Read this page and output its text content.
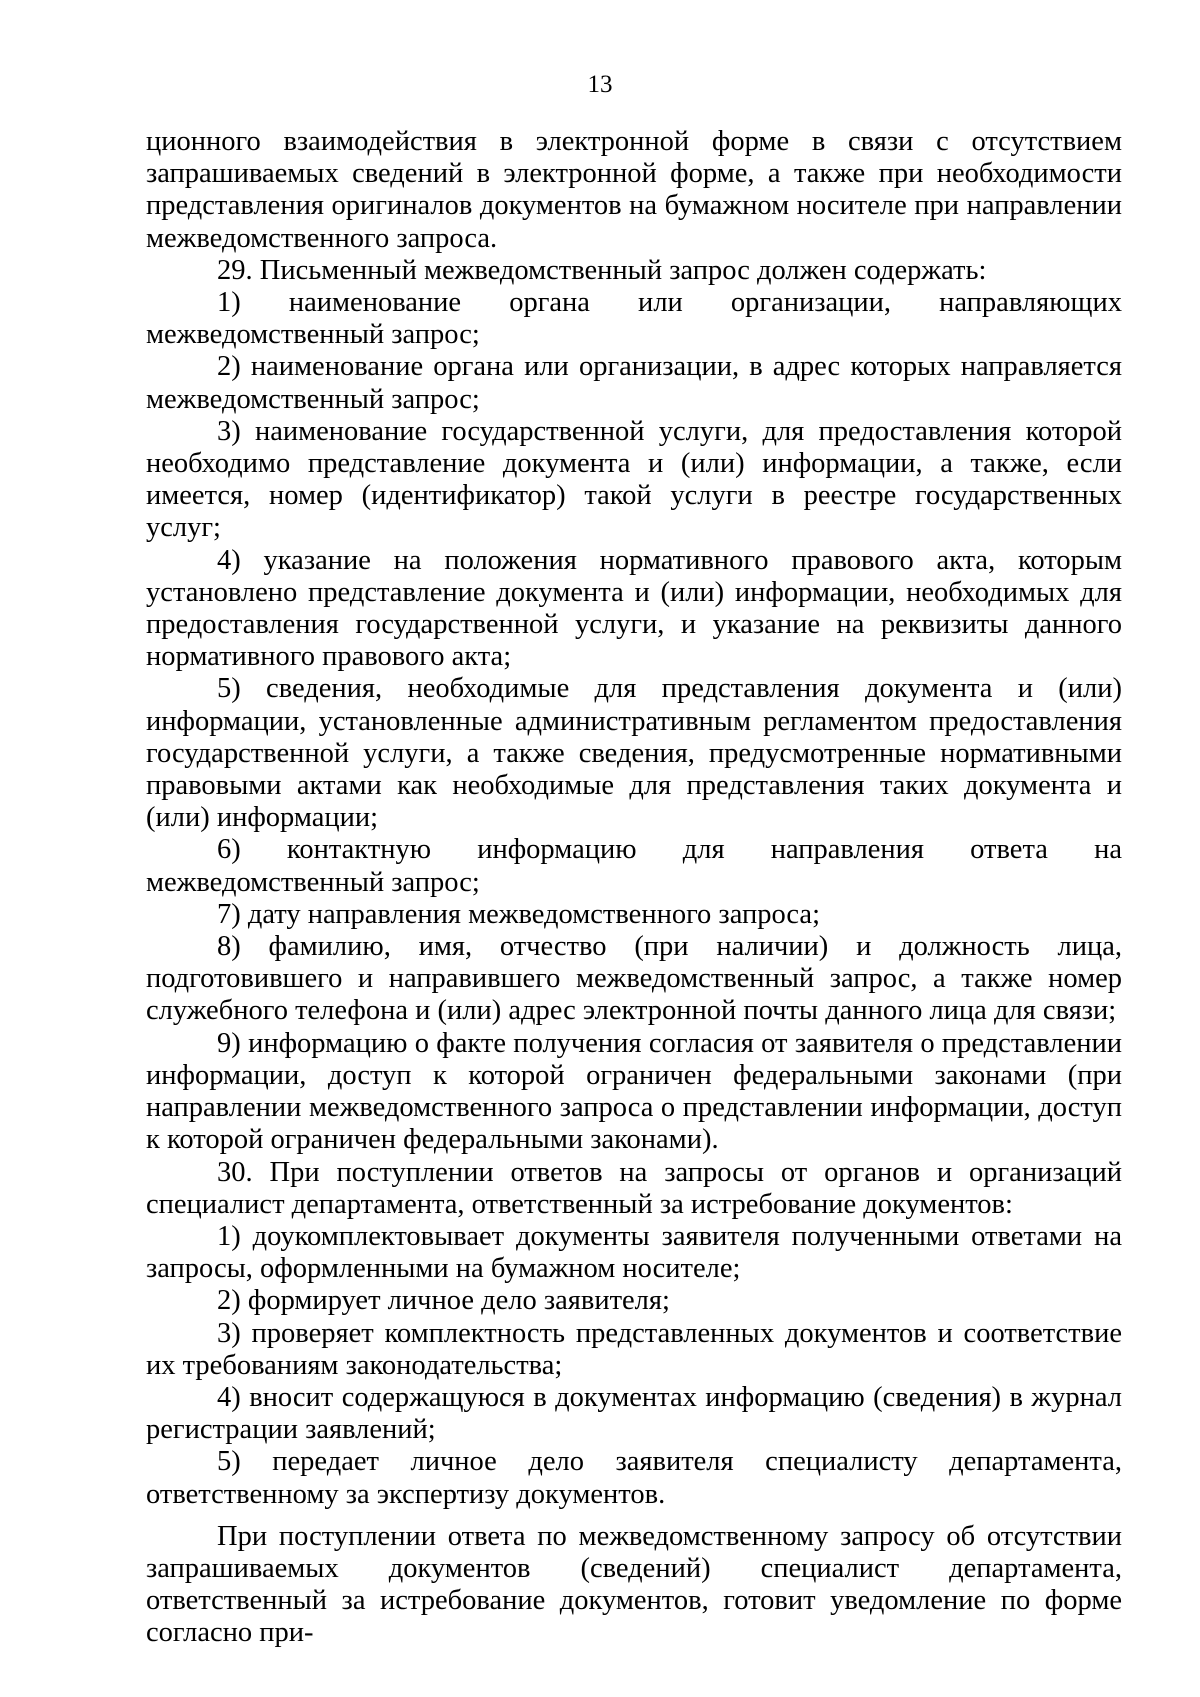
13

ционного взаимодействия в электронной форме в связи с отсутствием запрашиваемых сведений в электронной форме, а также при необходимости представления оригиналов документов на бумажном носителе при направлении межведомственного запроса.

29. Письменный межведомственный запрос должен содержать:

1) наименование органа или организации, направляющих межведомственный запрос;

2) наименование органа или организации, в адрес которых направляется межведомственный запрос;

3) наименование государственной услуги, для предоставления которой необходимо представление документа и (или) информации, а также, если имеется, номер (идентификатор) такой услуги в реестре государственных услуг;

4) указание на положения нормативного правового акта, которым установлено представление документа и (или) информации, необходимых для предоставления государственной услуги, и указание на реквизиты данного нормативного правового акта;

5) сведения, необходимые для представления документа и (или) информации, установленные административным регламентом предоставления государственной услуги, а также сведения, предусмотренные нормативными правовыми актами как необходимые для представления таких документа и (или) информации;

6) контактную информацию для направления ответа на межведомственный запрос;

7) дату направления межведомственного запроса;

8) фамилию, имя, отчество (при наличии) и должность лица, подготовившего и направившего межведомственный запрос, а также номер служебного телефона и (или) адрес электронной почты данного лица для связи;

9) информацию о факте получения согласия от заявителя о представлении информации, доступ к которой ограничен федеральными законами (при направлении межведомственного запроса о представлении информации, доступ к которой ограничен федеральными законами).

30. При поступлении ответов на запросы от органов и организаций специалист департамента, ответственный за истребование документов:

1) доукомплектовывает документы заявителя полученными ответами на запросы, оформленными на бумажном носителе;

2) формирует личное дело заявителя;

3) проверяет комплектность представленных документов и соответствие их требованиям законодательства;

4) вносит содержащуюся в документах информацию (сведения) в журнал регистрации заявлений;

5) передает личное дело заявителя специалисту департамента, ответственному за экспертизу документов.

При поступлении ответа по межведомственному запросу об отсутствии запрашиваемых документов (сведений) специалист департамента, ответственный за истребование документов, готовит уведомление по форме согласно при-
